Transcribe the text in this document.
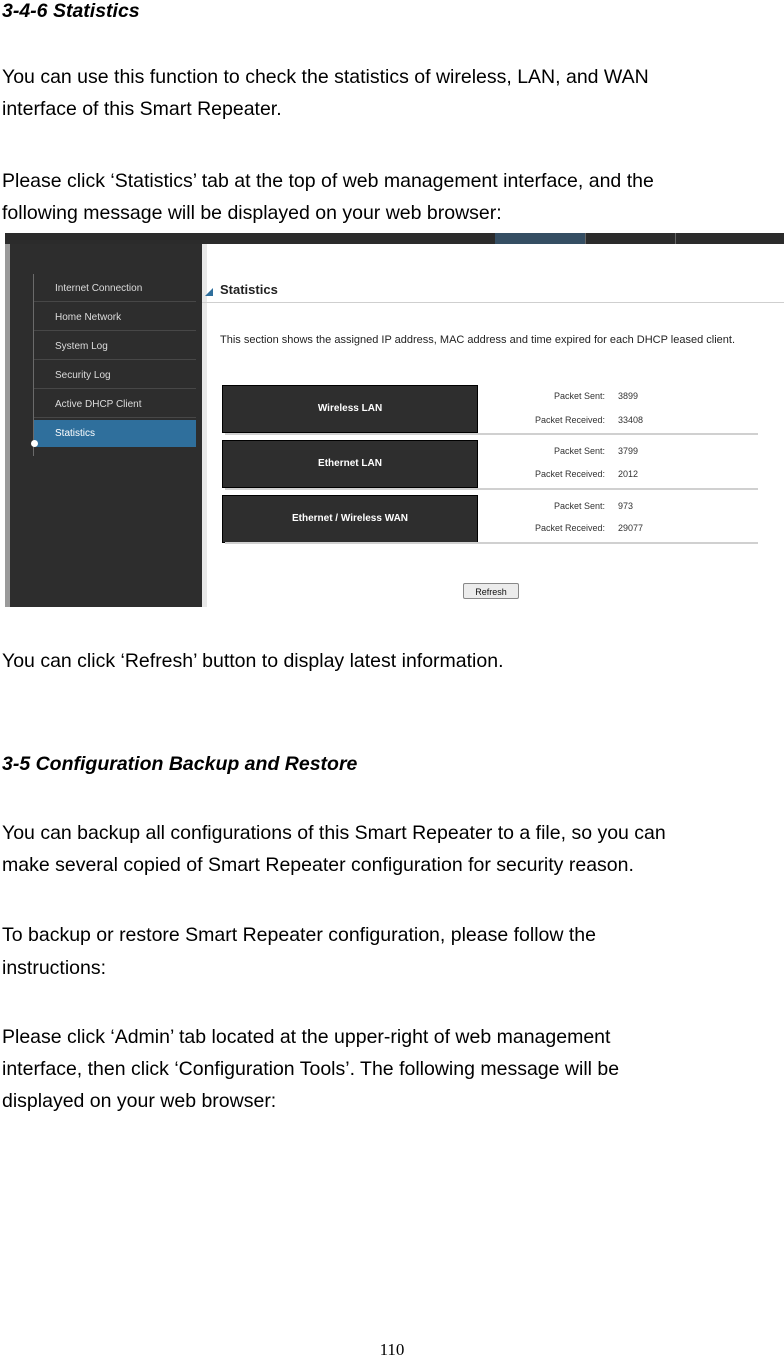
3-4-6 Statistics
You can use this function to check the statistics of wireless, LAN, and WAN
interface of this Smart Repeater.
Please click ‘Statistics’ tab at the top of web management interface, and the
following message will be displayed on your web browser:
Internet Connection
Home Network
System Log
Security Log
Active DHCP Client
Statistics
Statistics
This section shows the assigned IP address, MAC address and time expired for each DHCP leased client.
Wireless LAN
Packet Sent: 3899
Packet Received: 33408
Ethernet LAN
Packet Sent: 3799
Packet Received: 2012
Ethernet / Wireless WAN
Packet Sent: 973
Packet Received: 29077
Refresh
You can click ‘Refresh’ button to display latest information.
3-5 Configuration Backup and Restore
You can backup all configurations of this Smart Repeater to a file, so you can
make several copied of Smart Repeater configuration for security reason.
To backup or restore Smart Repeater configuration, please follow the
instructions:
Please click ‘Admin’ tab located at the upper-right of web management
interface, then click ‘Configuration Tools’. The following message will be
displayed on your web browser:
110
